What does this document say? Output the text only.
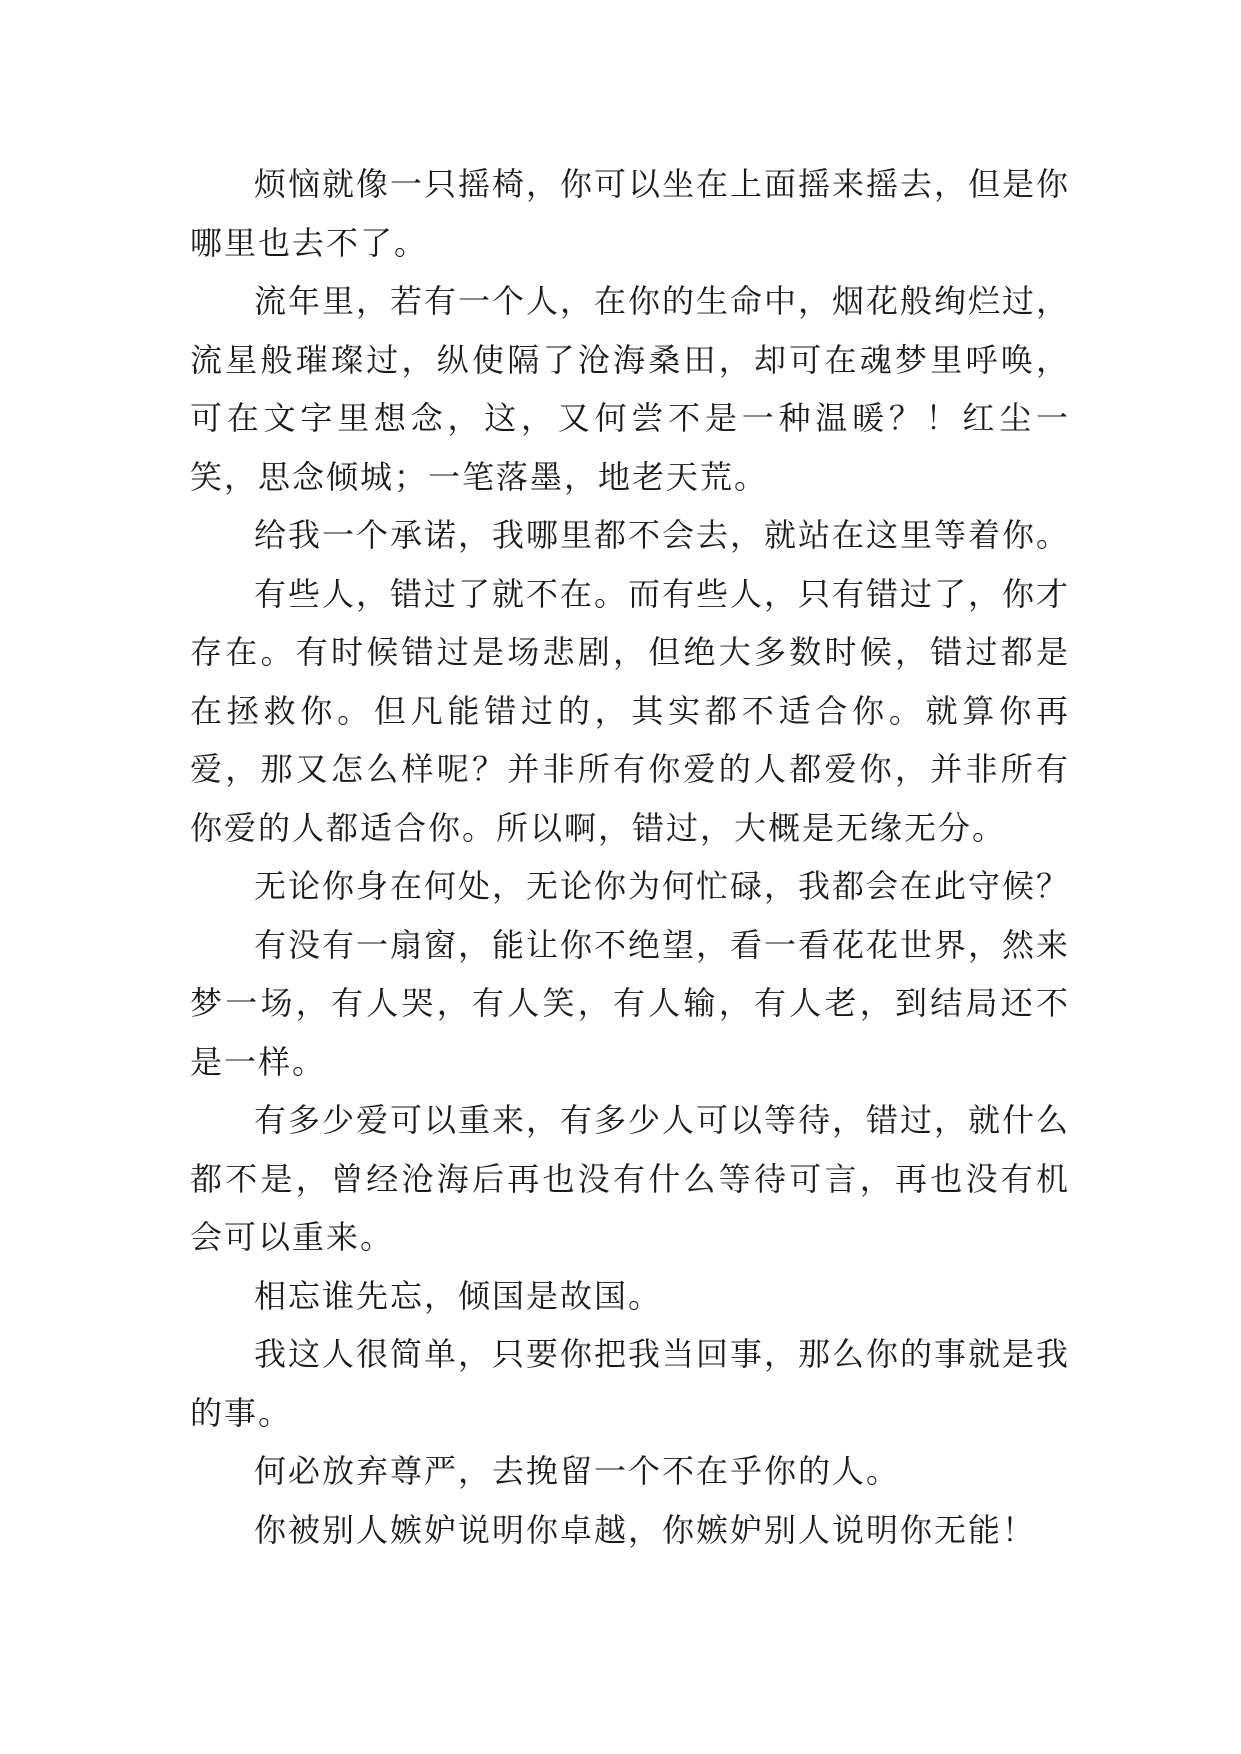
烦恼就像一只摇椅，你可以坐在上面摇来摇去，但是你哪里也去不了。

流年里，若有一个人，在你的生命中，烟花般绚烂过，流星般璀璨过，纵使隔了沧海桑田，却可在魂梦里呼唤，可在文字里想念，这，又何尝不是一种温暖？！红尘一笑，思念倾城；一笔落墨，地老天荒。

给我一个承诺，我哪里都不会去，就站在这里等着你。

有些人，错过了就不在。而有些人，只有错过了，你才存在。有时候错过是场悲剧，但绝大多数时候，错过都是在拯救你。但凡能错过的，其实都不适合你。就算你再爱，那又怎么样呢？并非所有你爱的人都爱你，并非所有你爱的人都适合你。所以啊，错过，大概是无缘无分。

无论你身在何处，无论你为何忙碌，我都会在此守候？

有没有一扇窗，能让你不绝望，看一看花花世界，然来梦一场，有人哭，有人笑，有人输，有人老，到结局还不是一样。

有多少爱可以重来，有多少人可以等待，错过，就什么都不是，曾经沧海后再也没有什么等待可言，再也没有机会可以重来。

相忘谁先忘，倾国是故国。

我这人很简单，只要你把我当回事，那么你的事就是我的事。

何必放弃尊严，去挽留一个不在乎你的人。

你被别人嫉妒说明你卓越，你嫉妒别人说明你无能！
